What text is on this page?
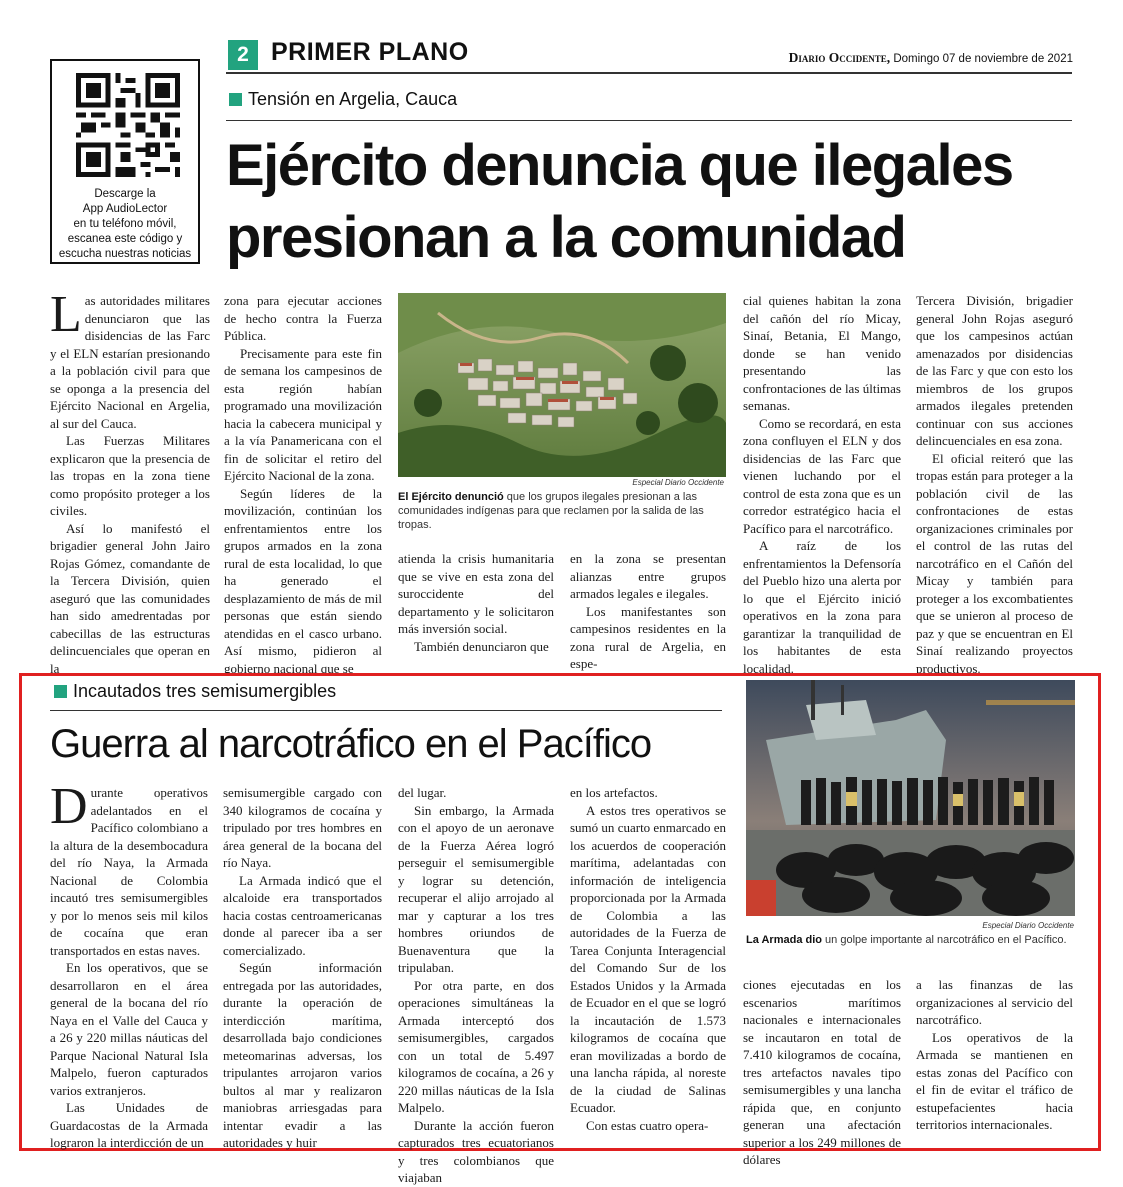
Descarge la
App AudioLector
en tu teléfono móvil,
escanea este código y
escucha nuestras noticias
2 PRIMER PLANO	Diario Occidente, Domingo 07 de noviembre de 2021
Tensión en Argelia, Cauca
Ejército denuncia que ilegales presionan a la comunidad

Las autoridades militares denunciaron que las disidencias de las Farc y el ELN estarían presionando a la población civil para que se oponga a la presencia del Ejército Nacional en Argelia, al sur del Cauca.

Las Fuerzas Militares explicaron que la presencia de las tropas en la zona tiene como propósito proteger a los civiles.

Así lo manifestó el brigadier general John Jairo Rojas Gómez, comandante de la Tercera División, quien aseguró que las comunidades han sido amedrentadas por cabecillas de las estructuras delincuenciales que operan en la

zona para ejecutar acciones de hecho contra la Fuerza Pública.

Precisamente para este fin de semana los campesinos de esta región habían programado una movilización hacia la cabecera municipal y a la vía Panamericana con el fin de solicitar el retiro del Ejército Nacional de la zona.

Según líderes de la movilización, continúan los enfrentamientos entre los grupos armados en la zona rural de esta localidad, lo que ha generado el desplazamiento de más de mil personas que están siendo atendidas en el casco urbano. Así mismo, pidieron al gobierno nacional que se

Especial Diario Occidente
El Ejército denunció que los grupos ilegales presionan a las comunidades indígenas para que reclamen por la salida de las tropas.

atienda la crisis humanitaria que se vive en esta zona del suroccidente del departamento y le solicitaron más inversión social.

También denunciaron que

en la zona se presentan alianzas entre grupos armados legales e ilegales.

Los manifestantes son campesinos residentes en la zona rural de Argelia, en espe-

cial quienes habitan la zona del cañón del río Micay, Sinaí, Betania, El Mango, donde se han venido presentando las confrontaciones de las últimas semanas.

Como se recordará, en esta zona confluyen el ELN y dos disidencias de las Farc que vienen luchando por el control de esta zona que es un corredor estratégico hacia el Pacífico para el narcotráfico.

A raíz de los enfrentamientos la Defensoría del Pueblo hizo una alerta por lo que el Ejército inició operativos en la zona para garantizar la tranquilidad de los habitantes de esta localidad.

Tercera División, brigadier general John Rojas aseguró que los campesinos actúan amenazados por disidencias de las Farc y que con esto los miembros de los grupos armados ilegales pretenden continuar con sus acciones delincuenciales en esa zona.

El oficial reiteró que las tropas están para proteger a la población civil de las confrontaciones de estas organizaciones criminales por el control de las rutas del narcotráfico en el Cañón del Micay y también para proteger a los excombatientes que se unieron al proceso de paz y que se encuentran en El Sinaí realizando proyectos productivos.

Incautados tres semisumergibles
Guerra al narcotráfico en el Pacífico

Durante operativos adelantados en el Pacífico colombiano a la altura de la desembocadura del río Naya, la Armada Nacional de Colombia incautó tres semisumergibles y por lo menos seis mil kilos de cocaína que eran transportados en estas naves.

En los operativos, que se desarrollaron en el área general de la bocana del río Naya en el Valle del Cauca y a 26 y 220 millas náuticas del Parque Nacional Natural Isla Malpelo, fueron capturados varios extranjeros.

Las Unidades de Guardacostas de la Armada lograron la interdicción de un

semisumergible cargado con 340 kilogramos de cocaína y tripulado por tres hombres en área general de la bocana del río Naya.

La Armada indicó que el alcaloide era transportados hacia costas centroamericanas donde al parecer iba a ser comercializado.

Según información entregada por las autoridades, durante la operación de interdicción marítima, desarrollada bajo condiciones meteomarinas adversas, los tripulantes arrojaron varios bultos al mar y realizaron maniobras arriesgadas para intentar evadir a las autoridades y huir

del lugar.

Sin embargo, la Armada con el apoyo de un aeronave de la Fuerza Aérea logró perseguir el semisumergible y lograr su detención, recuperar el alijo arrojado al mar y capturar a los tres hombres oriundos de Buenaventura que la tripulaban.

Por otra parte, en dos operaciones simultáneas la Armada interceptó dos semisumergibles, cargados con un total de 5.497 kilogramos de cocaína, a 26 y 220 millas náuticas de la Isla Malpelo.

Durante la acción fueron capturados tres ecuatorianos y tres colombianos que viajaban

en los artefactos.

A estos tres operativos se sumó un cuarto enmarcado en los acuerdos de cooperación marítima, adelantadas con información de inteligencia proporcionada por la Armada de Colombia a las autoridades de la Fuerza de Tarea Conjunta Interagencial del Comando Sur de los Estados Unidos y la Armada de Ecuador en el que se logró la incautación de 1.573 kilogramos de cocaína que eran movilizadas a bordo de una lancha rápida, al noreste de la ciudad de Salinas Ecuador.

Con estas cuatro opera-

Especial Diario Occidente
La Armada dio un golpe importante al narcotráfico en el Pacífico.

ciones ejecutadas en los escenarios marítimos nacionales e internacionales se incautaron en total de 7.410 kilogramos de cocaína, tres artefactos navales tipo semisumergibles y una lancha rápida que, en conjunto generan una afectación superior a los 249 millones de dólares

a las finanzas de las organizaciones al servicio del narcotráfico.

Los operativos de la Armada se mantienen en estas zonas del Pacífico con el fin de evitar el tráfico de estupefacientes hacia territorios internacionales.
